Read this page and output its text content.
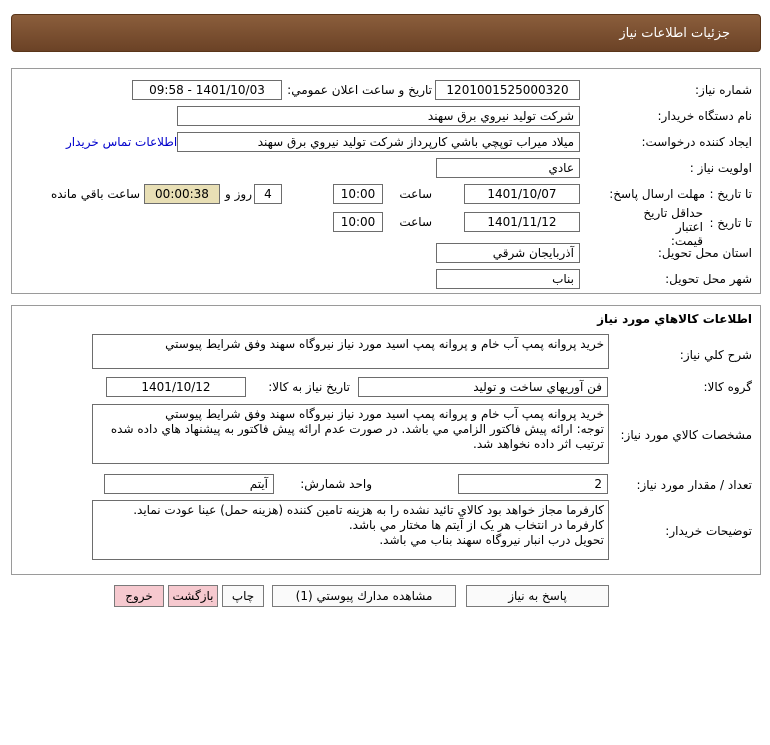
جزئيات اطلاعات نياز
شماره نياز:
1201001525000320
تاريخ و ساعت اعلان عمومي:
1401/10/03 - 09:58
نام دستگاه خريدار:
شركت توليد نيروي برق سهند
ايجاد كننده درخواست:
ميلاد ميراب توپچي باشي كارپرداز شركت توليد نيروي برق سهند
اطلاعات تماس خريدار
اولويت نياز :
عادي
مهلت ارسال پاسخ: تا تاريخ :
1401/10/07
ساعت
10:00
4
روز و
00:00:38
ساعت باقي مانده
حداقل تاريخ اعتبار قيمت:
تا تاريخ :
1401/11/12
ساعت
10:00
استان محل تحويل:
آذربايجان شرقي
شهر محل تحويل:
بناب
اطلاعات كالاهاي مورد نياز
شرح كلي نياز:
خريد پروانه پمپ آب خام و پروانه پمپ اسيد مورد نياز نيروگاه سهند وفق شرايط پيوستي
گروه كالا:
فن آوريهاي ساخت و توليد
تاريخ نياز به كالا:
1401/10/12
مشخصات كالاي مورد نياز:
خريد پروانه پمپ آب خام و پروانه پمپ اسيد مورد نياز نيروگاه سهند وفق شرايط پيوستي
توجه: ارائه پيش فاكتور الزامي مي باشد. در صورت عدم ارائه پيش فاكتور به پيشنهاد هاي داده شده ترتيب اثر داده نخواهد شد.
تعداد / مقدار مورد نياز:
2
واحد شمارش:
آيتم
توضيحات خريدار:
كارفرما مجاز خواهد بود كالاي تائيد نشده را به هزينه تامين كننده (هزينه حمل) عينا عودت نمايد.
كارفرما در انتخاب هر يک از آيتم ها مختار مي باشد.
تحويل درب انبار نيروگاه سهند بناب مي باشد.
پاسخ به نياز
مشاهده مدارك پيوستي (1)
چاپ
بازگشت
خروج
